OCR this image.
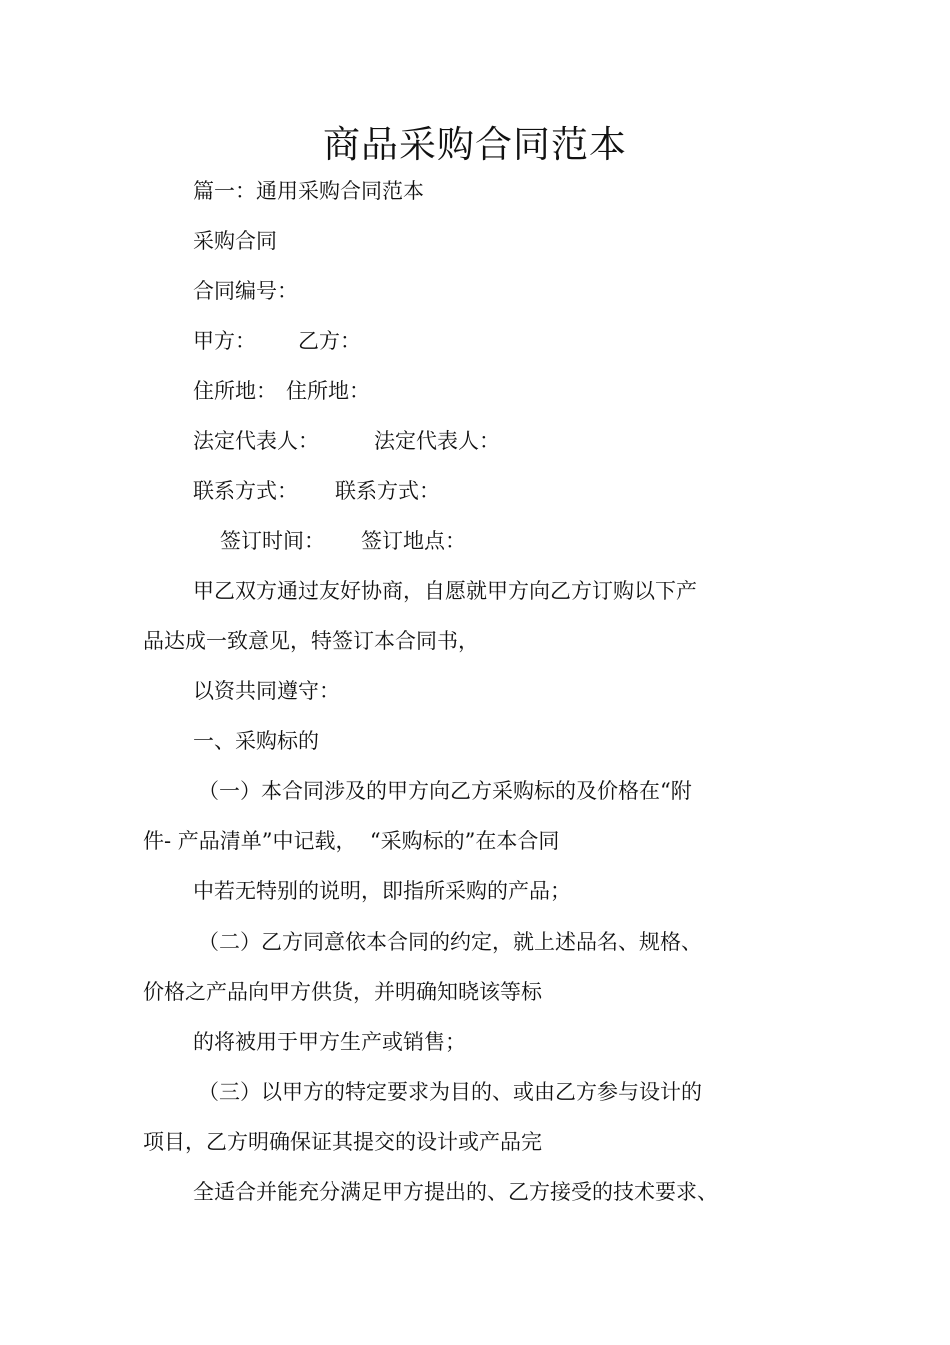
商品采购合同范本
篇一：通用采购合同范本
采购合同
合同编号：
甲方： 乙方：
住所地： 住所地：
法定代表人：	法定代表人：
联系方式： 联系方式：
签订时间： 签订地点：
甲乙双方通过友好协商，自愿就甲方向乙方订购以下产
品达成一致意见，特签订本合同书，
以资共同遵守：
一、采购标的
（一）本合同涉及的甲方向乙方采购标的及价格在“附
件- 产品清单”中记载，  “采购标的”在本合同
中若无特别的说明，即指所采购的产品；
（二）乙方同意依本合同的约定，就上述品名、规格、
价格之产品向甲方供货，并明确知晓该等标
的将被用于甲方生产或销售；
（三）以甲方的特定要求为目的、或由乙方参与设计的
项目，乙方明确保证其提交的设计或产品完
全适合并能充分满足甲方提出的、乙方接受的技术要求、
